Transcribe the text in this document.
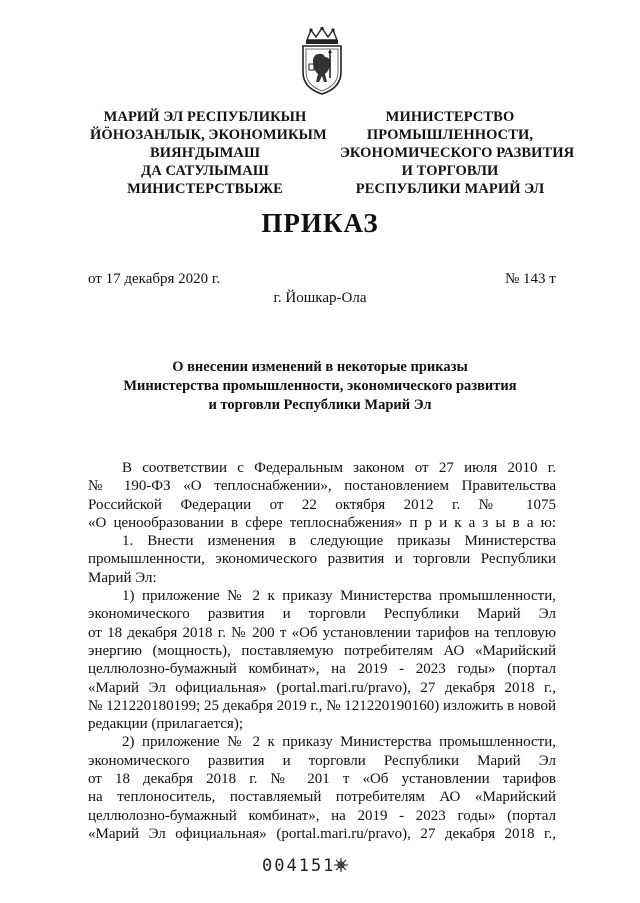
МАРИЙ ЭЛ РЕСПУБЛИКЫН
ЙӦНОЗАНЛЫК, ЭКОНОМИКЫМ
ВИЯҤДЫМАШ
ДА САТУЛЫМАШ
МИНИСТЕРСТВЫЖЕ
МИНИСТЕРСТВО
ПРОМЫШЛЕННОСТИ,
ЭКОНОМИЧЕСКОГО РАЗВИТИЯ
И ТОРГОВЛИ
РЕСПУБЛИКИ МАРИЙ ЭЛ
ПРИКАЗ
от 17 декабря 2020 г.	№ 143 т
г. Йошкар-Ола
О внесении изменений в некоторые приказы
Министерства промышленности, экономического развития
и торговли Республики Марий Эл
В соответствии с Федеральным законом от 27 июля 2010 г.
№ 190-ФЗ «О теплоснабжении», постановлением Правительства
Российской Федерации от 22 октября 2012 г. № 1075
«О ценообразовании в сфере теплоснабжения» п р и к а з ы в а ю:
1. Внести изменения в следующие приказы Министерства
промышленности, экономического развития и торговли Республики
Марий Эл:
1) приложение № 2 к приказу Министерства промышленности,
экономического развития и торговли Республики Марий Эл
от 18 декабря 2018 г. № 200 т «Об установлении тарифов на тепловую
энергию (мощность), поставляемую потребителям АО «Марийский
целлюлозно-бумажный комбинат», на 2019 - 2023 годы» (портал
«Марий Эл официальная» (portal.mari.ru/pravo), 27 декабря 2018 г.,
№ 121220180199; 25 декабря 2019 г., № 121220190160) изложить в новой
редакции (прилагается);
2) приложение № 2 к приказу Министерства промышленности,
экономического развития и торговли Республики Марий Эл
от 18 декабря 2018 г. № 201 т «Об установлении тарифов
на теплоноситель, поставляемый потребителям АО «Марийский
целлюлозно-бумажный комбинат», на 2019 - 2023 годы» (портал
«Марий Эл официальная» (portal.mari.ru/pravo), 27 декабря 2018 г.,
004151
